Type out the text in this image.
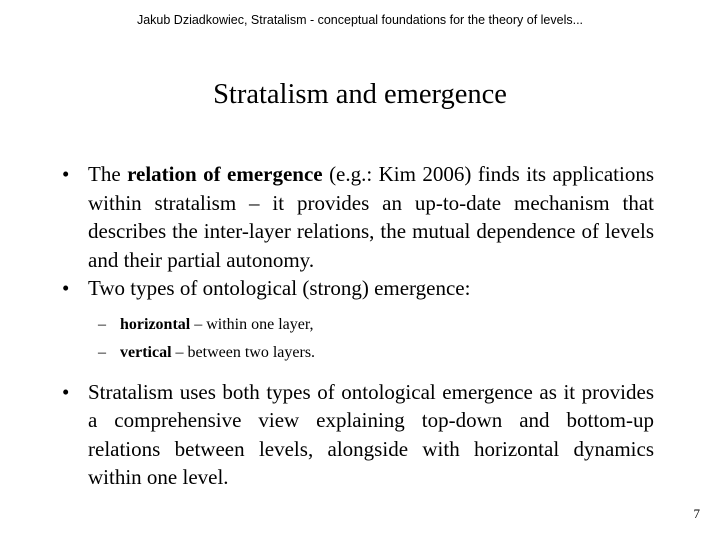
Jakub Dziadkowiec, Stratalism - conceptual foundations for the theory of levels...
Stratalism and emergence

• The relation of emergence (e.g.: Kim 2006) finds its applications within stratalism – it provides an up-to-date mechanism that describes the inter-layer relations, the mutual dependence of levels and their partial autonomy.

• Two types of ontological (strong) emergence:

– horizontal – within one layer,
– vertical – between two layers.

• Stratalism uses both types of ontological emergence as it provides a comprehensive view explaining top-down and bottom-up relations between levels, alongside with horizontal dynamics within one level.

7
